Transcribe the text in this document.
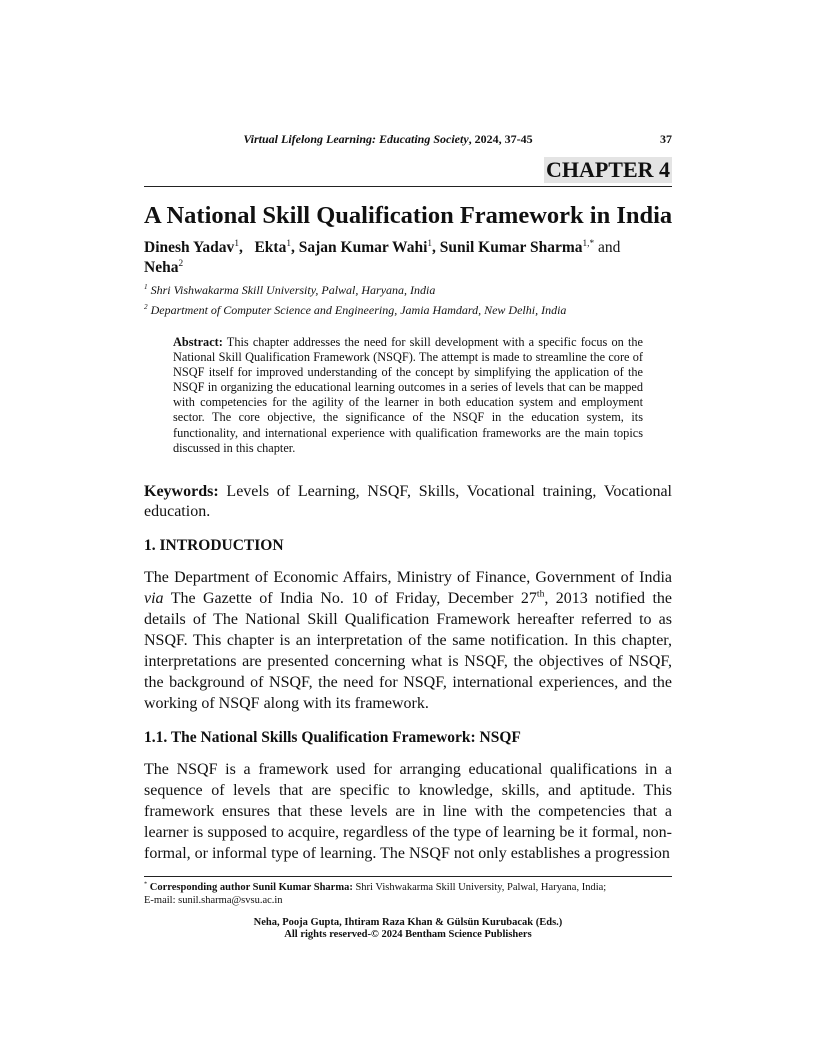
Virtual Lifelong Learning: Educating Society, 2024, 37-45	37
CHAPTER 4
A National Skill Qualification Framework in India
Dinesh Yadav$^1$,   Ekta$^1$, Sajan Kumar Wahi$^1$, Sunil Kumar Sharma$^{1,*}$ and
Neha$^2$
$^1$ Shri Vishwakarma Skill University, Palwal, Haryana, India
$^2$ Department of Computer Science and Engineering, Jamia Hamdard, New Delhi, India
Abstract: This chapter addresses the need for skill development with a specific focus on the National Skill Qualification Framework (NSQF). The attempt is made to streamline the core of NSQF itself for improved understanding of the concept by simplifying the application of the NSQF in organizing the educational learning outcomes in a series of levels that can be mapped with competencies for the agility of the learner in both education system and employment sector. The core objective, the significance of the NSQF in the education system, its functionality, and international experience with qualification frameworks are the main topics discussed in this chapter.
Keywords: Levels of Learning, NSQF, Skills, Vocational training, Vocational education.
1. INTRODUCTION
The Department of Economic Affairs, Ministry of Finance, Government of India via The Gazette of India No. 10 of Friday, December 27th, 2013 notified the details of The National Skill Qualification Framework hereafter referred to as NSQF. This chapter is an interpretation of the same notification. In this chapter, interpretations are presented concerning what is NSQF, the objectives of NSQF, the background of NSQF, the need for NSQF, international experiences, and the working of NSQF along with its framework.
1.1. The National Skills Qualification Framework: NSQF
The NSQF is a framework used for arranging educational qualifications in a sequence of levels that are specific to knowledge, skills, and aptitude. This framework ensures that these levels are in line with the competencies that a learner is supposed to acquire, regardless of the type of learning be it formal, non-formal, or informal type of learning. The NSQF not only establishes a progression
* Corresponding author Sunil Kumar Sharma: Shri Vishwakarma Skill University, Palwal, Haryana, India;
E-mail: sunil.sharma@svsu.ac.in
Neha, Pooja Gupta, Ihtiram Raza Khan & Gülsün Kurubacak (Eds.)
All rights reserved-© 2024 Bentham Science Publishers
